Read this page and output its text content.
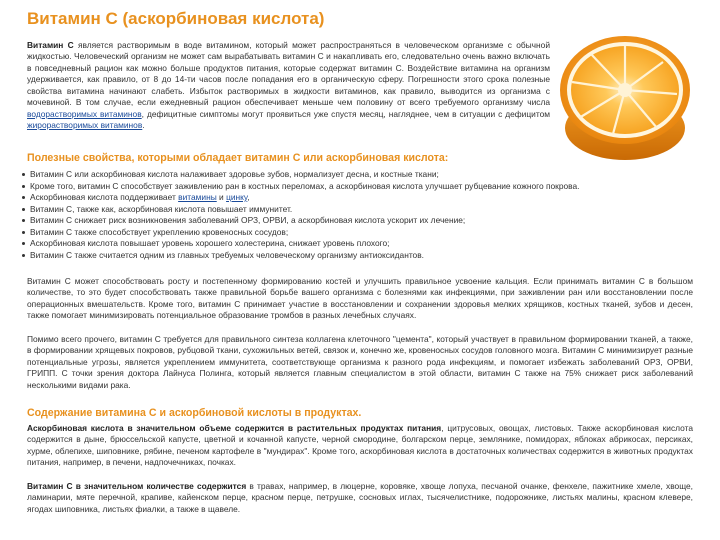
Витамин С (аскорбиновая кислота)

Витамин С является растворимым в воде витамином, который может распространяться в человеческом организме с обычной жидкостью. Человеческий организм не может сам вырабатывать витамин С и накапливать его, следовательно очень важно включать в повседневный рацион как можно больше продуктов питания, которые содержат витамин С. Воздействие витамина на организм удерживается, как правило, от 8 до 14-ти часов после попадания его в органическую сферу. Погрешности этого срока полезные свойства витамина начинают слабеть. Избыток растворимых в жидкости витаминов, как правило, выводится из организма с мочевиной. В том случае, если ежедневный рацион обеспечивает меньше чем половину от всего требуемого организму числа водорастворимых витаминов, дефицитные симптомы могут проявиться уже спустя месяц, нагляднее, чем в ситуации с дефицитом жирорастворимых витаминов.

Полезные свойства, которыми обладает витамин С или аскорбиновая кислота:
Витамин С или аскорбиновая кислота налаживает здоровье зубов, нормализует десна, и костные ткани;
Кроме того, витамин С способствует заживлению ран в костных переломах, а аскорбиновая кислота улучшает рубцевание кожного покрова.
Аскорбиновая кислота поддерживает витамины и цинку,
Витамин С, также как, аскорбиновая кислота повышает иммунитет.
Витамин С снижает риск возникновения заболеваний ОРЗ, ОРВИ, а аскорбиновая кислота ускорит их лечение;
Витамин С также способствует укреплению кровеносных сосудов;
Аскорбиновая кислота повышает уровень хорошего холестерина, снижает уровень плохого;
Витамин С также считается одним из главных требуемых человеческому организму антиоксидантов.

Витамин С может способствовать росту и постепенному формированию костей и улучшить правильное усвоение кальция. Если принимать витамин С в большом количестве, то это будет способствовать также правильной борьбе вашего организма с болезнями как инфекциями, при заживлении ран или восстановлении после операционных вмешательств. Кроме того, витамин С принимает участие в восстановлении и сохранении здоровья мелких хрящиков, костных тканей, зубов и десен, также помогает минимизировать потенциальное образование тромбов в разных лечебных случаях.

Помимо всего прочего, витамин С требуется для правильного синтеза коллагена клеточного "цемента", который участвует в правильном формировании тканей, а также, в формировании хрящевых покровов, рубцовой ткани, сухожильных ветей, связок и, конечно же, кровеносных сосудов головного мозга. Витамин С минимизирует разные потенциальные угрозы, является укреплением иммунитета, соответствующе организма к разного рода инфекциям, и помогает избежать заболеваний ОРЗ, ОРВИ, ГРИПП. С точки зрения доктора Лайнуса Полинга, который является главным специалистом в этой области, витамин С также на 75% снижает риск заболеваний несколькими видами рака.

Содержание витамина С и аскорбиновой кислоты в продуктах.

Аскорбиновая кислота в значительном объеме содержится в растительных продуктах питания, цитрусовых, овощах, листовых. Также аскорбиновая кислота содержится в дыне, брюссельской капусте, цветной и кочанной капусте, черной смородине, болгарском перце, землянике, помидорах, яблоках абрикосах, персиках, хурме, облепихе, шиповнике, рябине, печеном картофеле в "мундирах". Кроме того, аскорбиновая кислота в достаточных количествах содержится в животных продуктах питания, например, в печени, надпочечниках, почках.

Витамин С в значительном количестве содержится в травах, например, в люцерне, коровяке, хвоще лопуха, песчаной очанке, фенхеле, пажитнике хмеле, хвоще, ламинарии, мяте перечной, крапиве, кайенском перце, красном перце, петрушке, сосновых иглах, тысячелистнике, подорожнике, листьях малины, красном клевере, ягодах шиповника, листьях фиалки, а также в щавеле.
